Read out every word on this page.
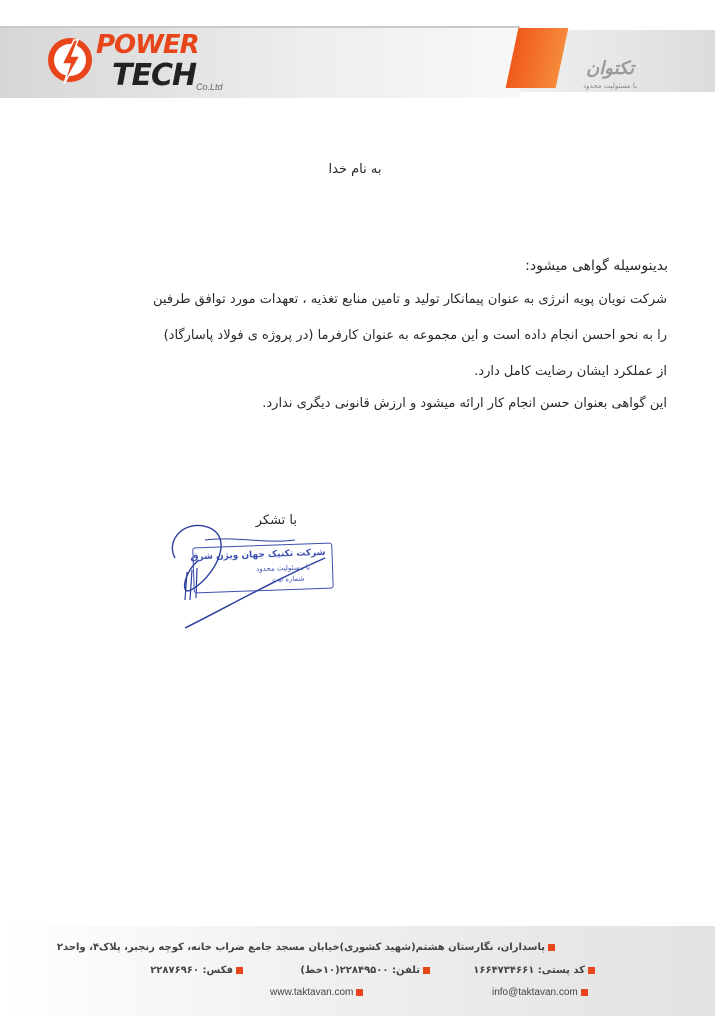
POWER
TECH Co.Ltd
تکتوان
با مسئولیت محدود
به نام خدا
بدینوسیله گواهی میشود:
شرکت نویان پویه انرژی به عنوان پیمانکار تولید و تامین منابع تغذیه ، تعهدات مورد توافق طرفین
را به نحو احسن انجام داده است و این مجموعه به عنوان کارفرما (در پروژه ی فولاد پاسارگاد)
از عملکرد ایشان رضایت کامل دارد.
این گواهی بعنوان حسن انجام کار ارائه میشود و ارزش قانونی دیگری ندارد.
با تشکر
شرکت تکنیک جهان ویژن شرق
با مسئولیت محدود
شماره ثبت
پاسداران، نگارستان هشتم(شهید کشوری)خیابان مسجد جامع ضراب خانه، کوچه رنجبر، پلاک۴، واحد۲
کد پستی: ۱۶۶۴۷۳۴۶۶۱
تلفن: ۲۲۸۴۹۵۰۰(۱۰خط)
فکس: ۲۲۸۷۶۹۶۰
info@taktavan.com
www.taktavan.com
